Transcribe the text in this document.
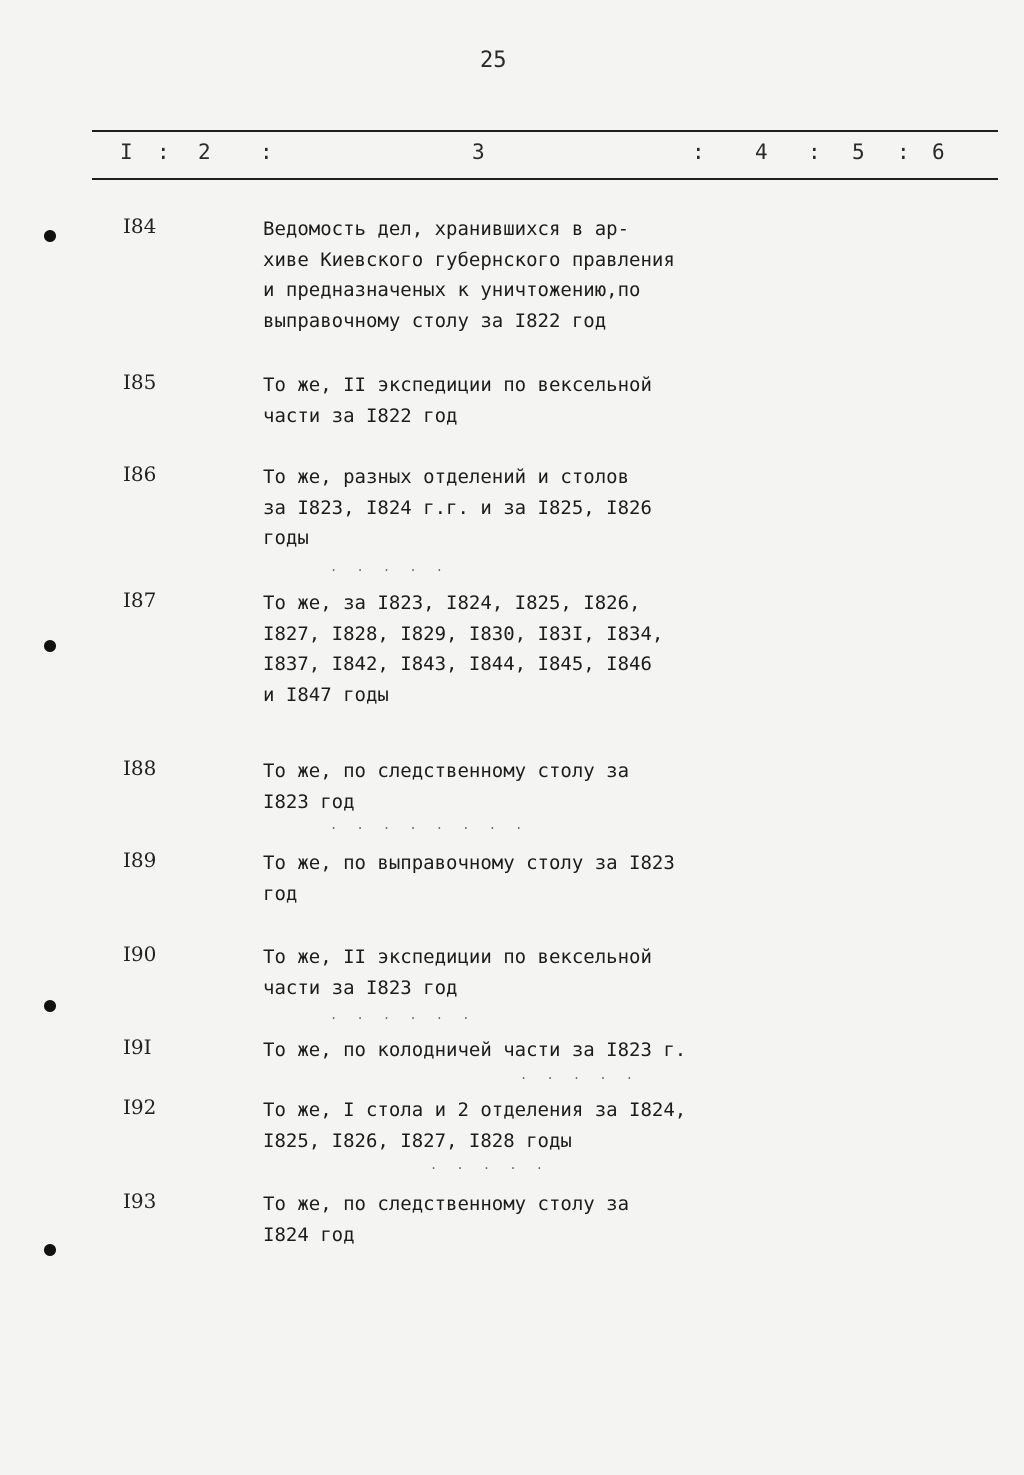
25
I : 2 :	3	: 4 : 5 : 6
I84	Ведомость дел, хранившихся в ар-
хиве Киевского губернского правления
и предназначеных к уничтожению,по
выправочному столу за I822 год
I85	То же, II экспедиции по вексельной
части за I822 год
I86	То же, разных отделений и столов
за I823, I824 г.г. и за I825, I826
годы
I87	То же, за I823, I824, I825, I826,
I827, I828, I829, I830, I83I, I834,
I837, I842, I843, I844, I845, I846
и I847 годы
I88	То же, по следственному столу за
I823 год
I89	То же, по выправочному столу за I823
год
I90	То же, II экспедиции по вексельной
части за I823 год
I9I	То же, по колодничей части за I823 г.
I92	То же, I стола и 2 отделения за I824,
I825, I826, I827, I828 годы
I93	То же, по следственному столу за
I824 год
. . . . .
. . . . . . . .
. . . . . .
. . . . .
. . . . .
